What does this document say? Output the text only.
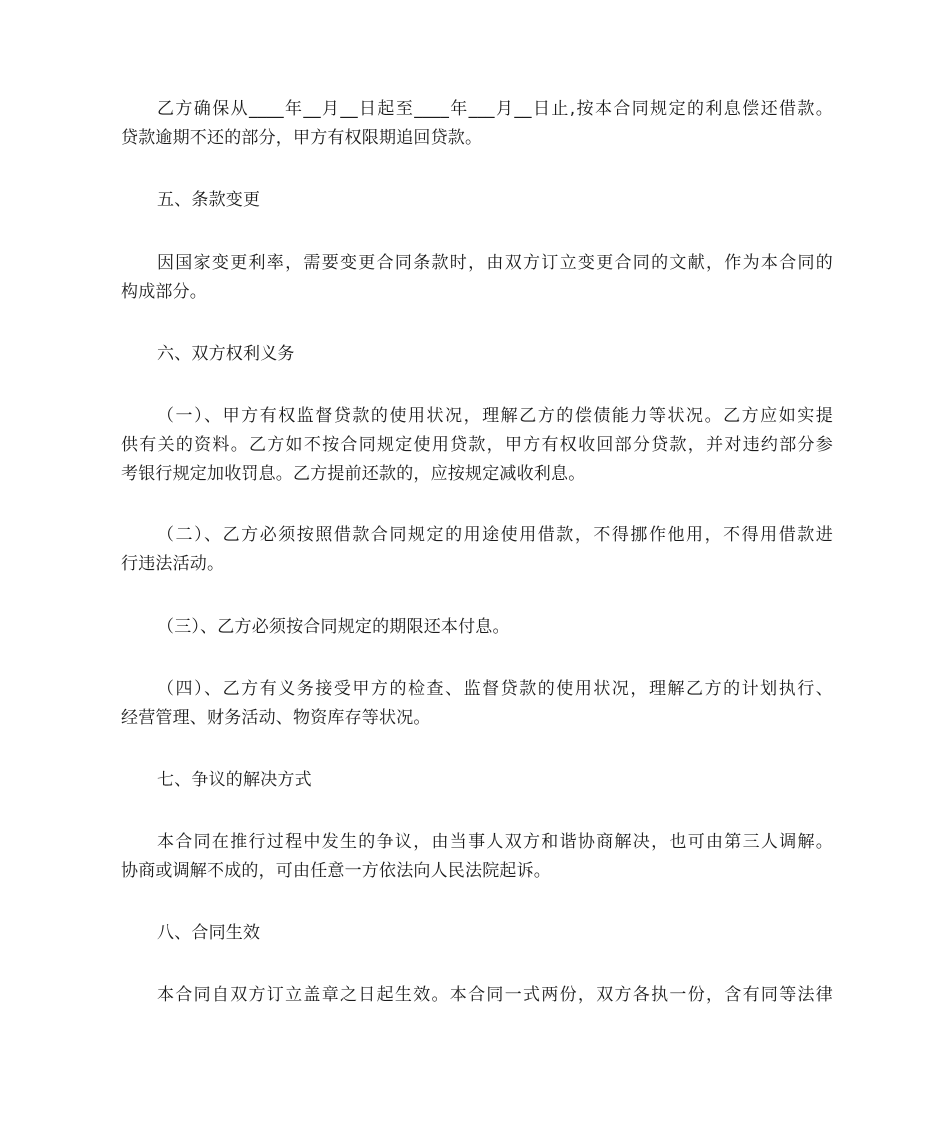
乙方确保从____年__月__日起至____年___月__日止,按本合同规定的利息偿还借款。
贷款逾期不还的部分，甲方有权限期追回贷款。
五、条款变更
因国家变更利率，需要变更合同条款时，由双方订立变更合同的文献，作为本合同的
构成部分。
六、双方权利义务
（一）、甲方有权监督贷款的使用状况，理解乙方的偿债能力等状况。乙方应如实提
供有关的资料。乙方如不按合同规定使用贷款，甲方有权收回部分贷款，并对违约部分参
考银行规定加收罚息。乙方提前还款的，应按规定减收利息。
（二）、乙方必须按照借款合同规定的用途使用借款，不得挪作他用，不得用借款进
行违法活动。
（三）、乙方必须按合同规定的期限还本付息。
（四）、乙方有义务接受甲方的检查、监督贷款的使用状况，理解乙方的计划执行、
经营管理、财务活动、物资库存等状况。
七、争议的解决方式
本合同在推行过程中发生的争议，由当事人双方和谐协商解决，也可由第三人调解。
协商或调解不成的，可由任意一方依法向人民法院起诉。
八、合同生效
本合同自双方订立盖章之日起生效。本合同一式两份，双方各执一份，含有同等法律
